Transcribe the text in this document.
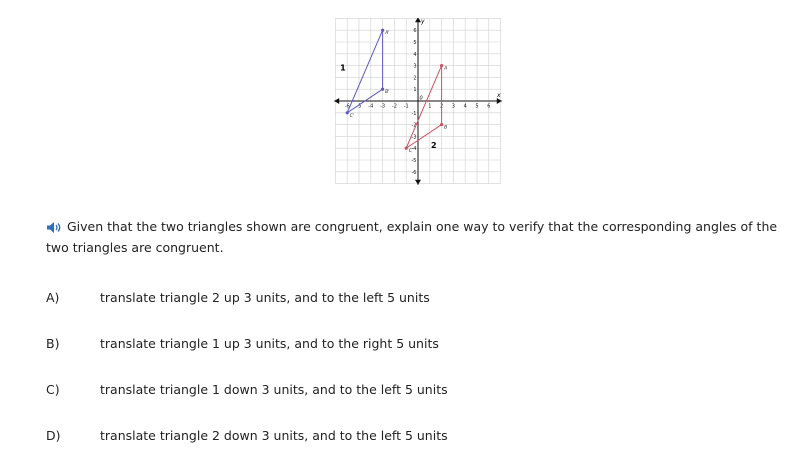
-6 -5 -4 -3 -2 -1	1 2 3 4 5 6
6
5
4
3
2
1
-1
-2
-3
-4
-5
-6
A'
B'
C'
A
B
C
x
y
0
1
2
Given that the two triangles shown are congruent, explain one way to verify that the corresponding angles of the two triangles are congruent.
A)	translate triangle 2 up 3 units, and to the left 5 units
B)	translate triangle 1 up 3 units, and to the right 5 units
C)	translate triangle 1 down 3 units, and to the left 5 units
D)	translate triangle 2 down 3 units, and to the left 5 units
